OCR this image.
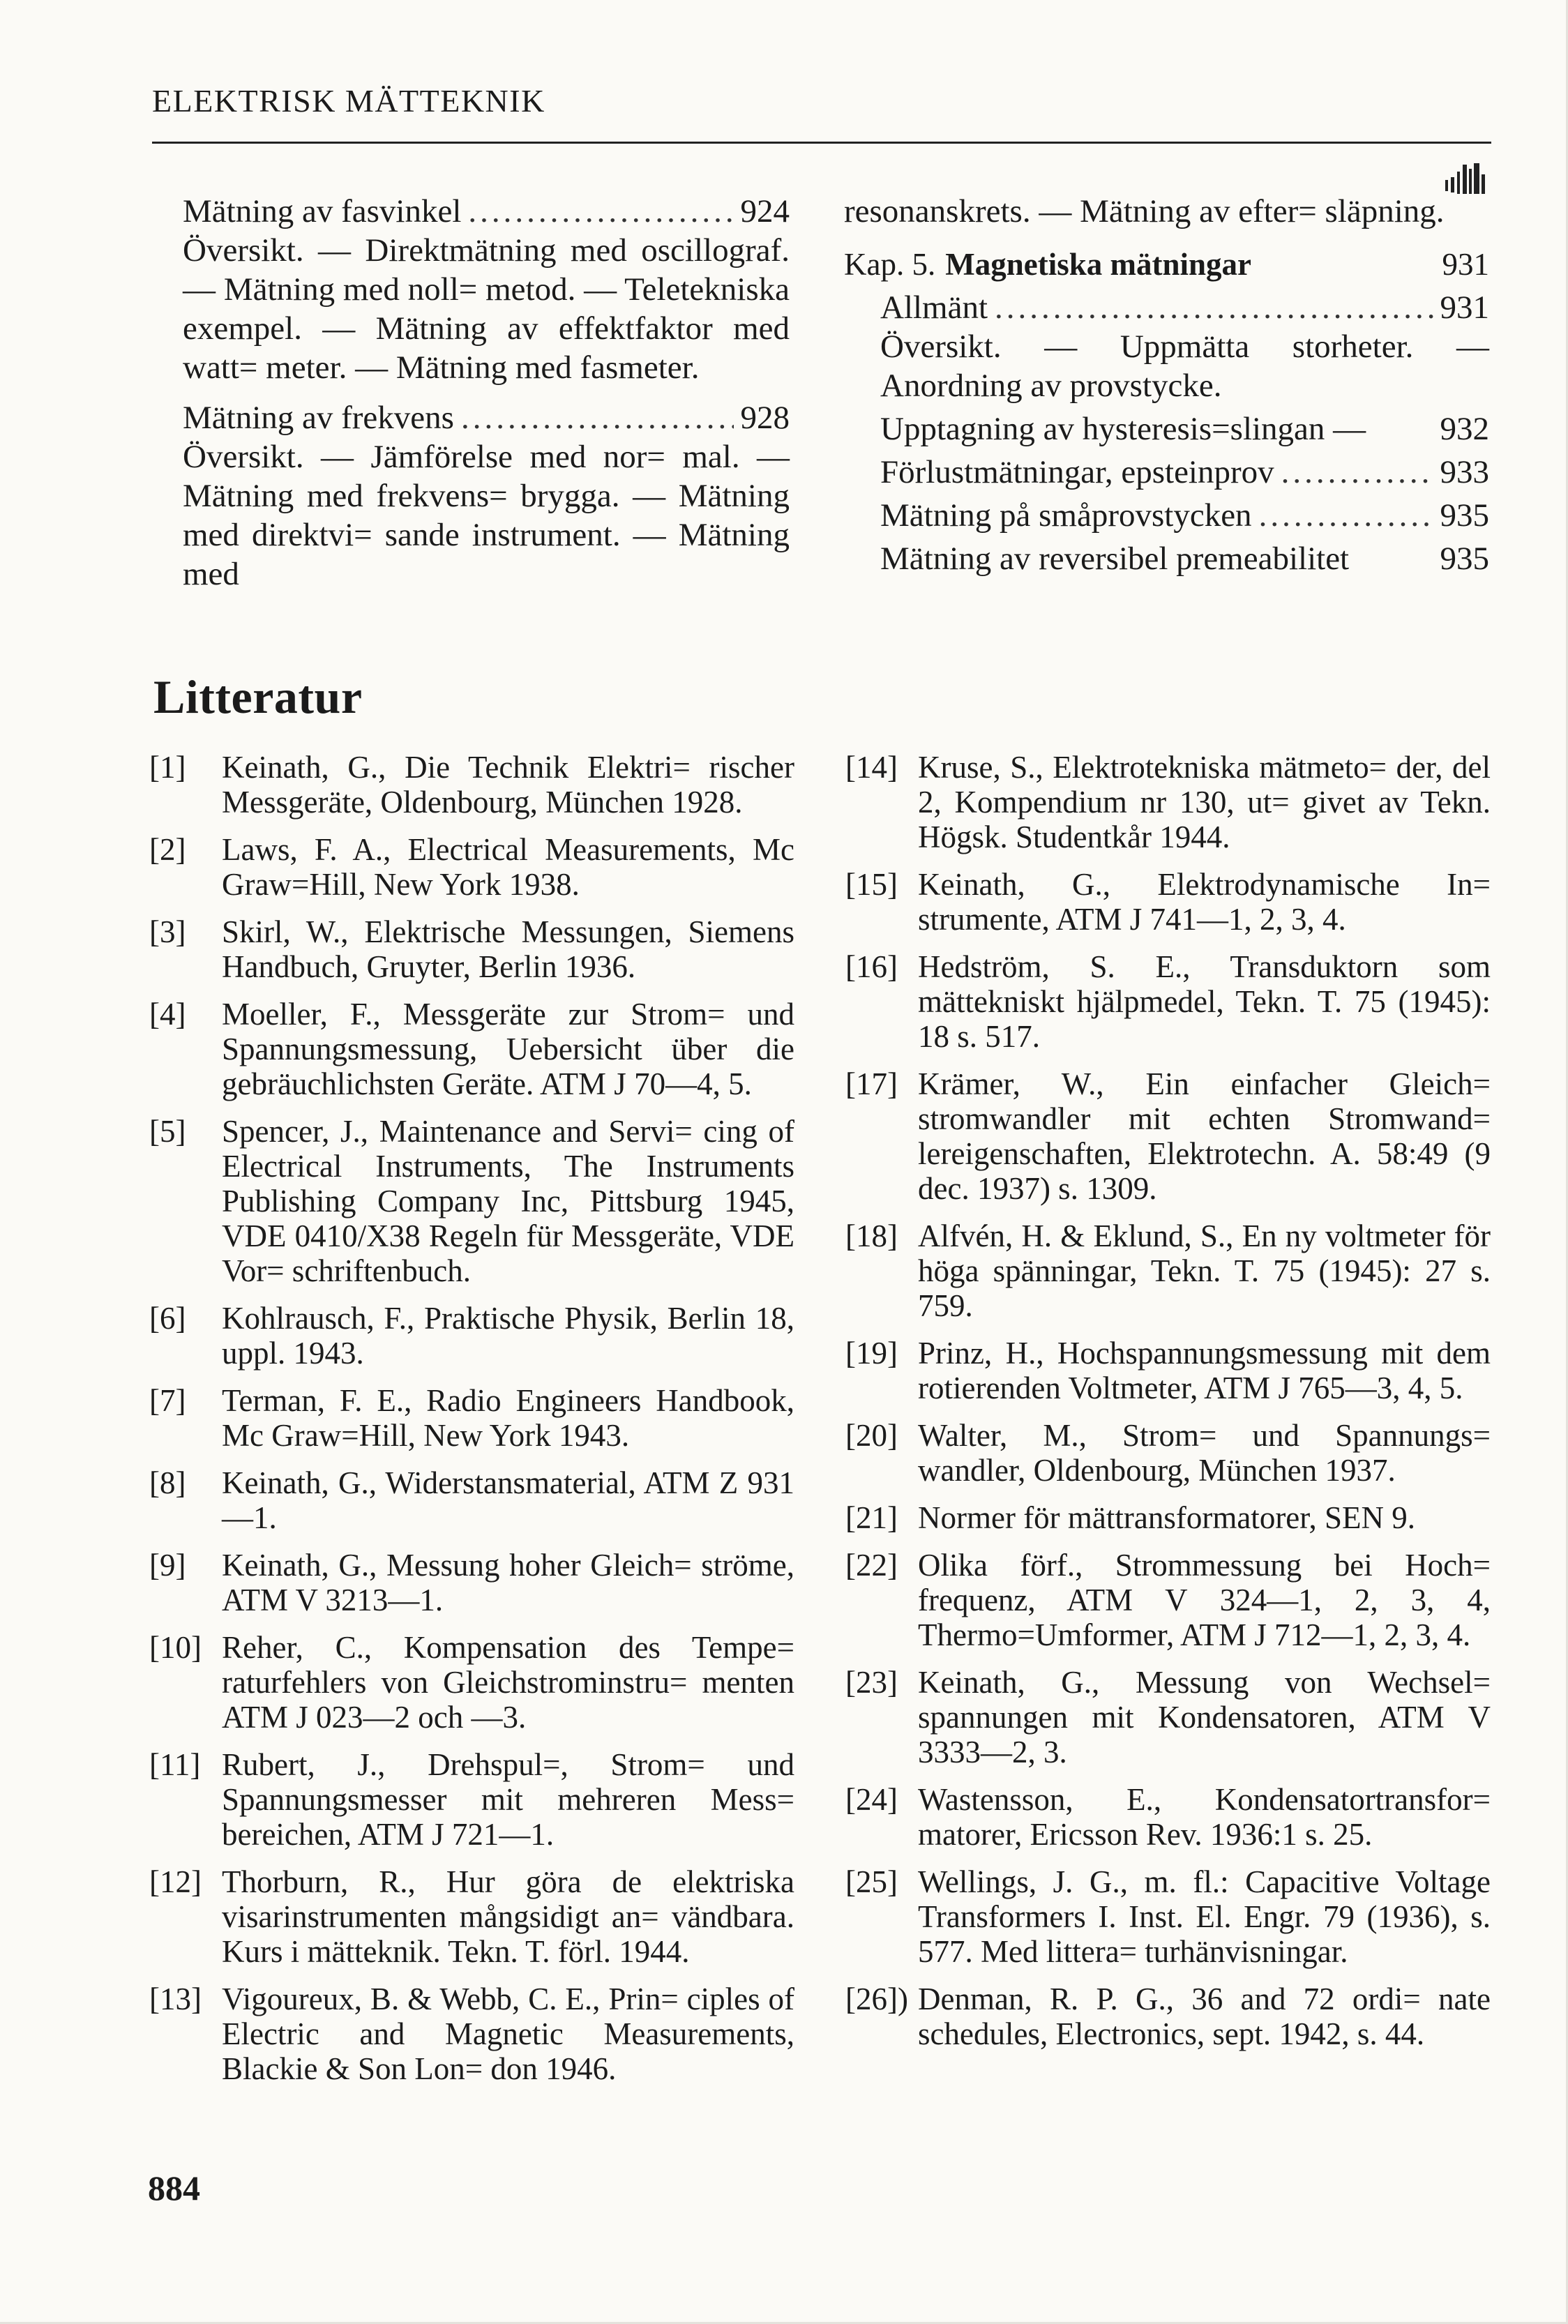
ELEKTRISK MÄTTEKNIK
Mätning av fasvinkel .....	924
Översikt. — Direktmätning med oscillograf. — Mätning med noll= metod. — Teletekniska exempel. — Mätning av effektfaktor med watt= meter. — Mätning med fasmeter.
Mätning av frekvens .....	928
Översikt. — Jämförelse med nor= mal. — Mätning med frekvens= brygga. — Mätning med direktvi= sande instrument. — Mätning med
resonanskrets. — Mätning av efter= släpning.
Kap. 5. Magnetiska mätningar	931
Allmänt .....	931
Översikt. — Uppmätta storheter. — Anordning av provstycke.
Upptagning av hysteresis=slingan — 932
Förlustmätningar, epsteinprov .....	933
Mätning på småprovstycken .....	935
Mätning av reversibel premeabilitet	935
Litteratur
[1]	Keinath, G., Die Technik Elektri= rischer Messgeräte, Oldenbourg, München 1928.
[2]	Laws, F. A., Electrical Measurements, Mc Graw=Hill, New York 1938.
[3]	Skirl, W., Elektrische Messungen, Siemens Handbuch, Gruyter, Berlin 1936.
[4]	Moeller, F., Messgeräte zur Strom= und Spannungsmessung, Uebersicht über die gebräuchlichsten Geräte. ATM J 70—4, 5.
[5]	Spencer, J., Maintenance and Servi= cing of Electrical Instruments, The Instruments Publishing Company Inc, Pittsburg 1945, VDE 0410/X38 Regeln für Messgeräte, VDE Vor= schriftenbuch.
[6]	Kohlrausch, F., Praktische Physik, Berlin 18, uppl. 1943.
[7]	Terman, F. E., Radio Engineers Handbook, Mc Graw=Hill, New York 1943.
[8]	Keinath, G., Widerstansmaterial, ATM Z 931—1.
[9]	Keinath, G., Messung hoher Gleich= ströme, ATM V 3213—1.
[10] Reher, C., Kompensation des Tempe= raturfehlers von Gleichstrominstru= menten ATM J 023—2 och —3.
[11] Rubert, J., Drehspul=, Strom= und Spannungsmesser mit mehreren Mess= bereichen, ATM J 721—1.
[12] Thorburn, R., Hur göra de elektriska visarinstrumenten mångsidigt an= vändbara. Kurs i mätteknik. Tekn. T. förl. 1944.
[13] Vigoureux, B. & Webb, C. E., Prin= ciples of Electric and Magnetic Measurements, Blackie & Son Lon= don 1946.
[14] Kruse, S., Elektrotekniska mätmeto= der, del 2, Kompendium nr 130, ut= givet av Tekn. Högsk. Studentkår 1944.
[15] Keinath, G., Elektrodynamische In= strumente, ATM J 741—1, 2, 3, 4.
[16] Hedström, S. E., Transduktorn som mättekniskt hjälpmedel, Tekn. T. 75 (1945): 18 s. 517.
[17] Krämer, W., Ein einfacher Gleich= stromwandler mit echten Stromwand= lereigenschaften, Elektrotechn. A. 58:49 (9 dec. 1937) s. 1309.
[18] Alfvén, H. & Eklund, S., En ny voltmeter för höga spänningar, Tekn. T. 75 (1945): 27 s. 759.
[19] Prinz, H., Hochspannungsmessung mit dem rotierenden Voltmeter, ATM J 765—3, 4, 5.
[20] Walter, M., Strom= und Spannungs= wandler, Oldenbourg, München 1937.
[21] Normer för mättransformatorer, SEN 9.
[22] Olika förf., Strommessung bei Hoch= frequenz, ATM V 324—1, 2, 3, 4, Thermo=Umformer, ATM J 712—1, 2, 3, 4.
[23] Keinath, G., Messung von Wechsel= spannungen mit Kondensatoren, ATM V 3333—2, 3.
[24] Wastensson, E., Kondensatortransfor= matorer, Ericsson Rev. 1936:1 s. 25.
[25] Wellings, J. G., m. fl.: Capacitive Voltage Transformers I. Inst. El. Engr. 79 (1936), s. 577. Med littera= turhänvisningar.
[26]) Denman, R. P. G., 36 and 72 ordi= nate schedules, Electronics, sept. 1942, s. 44.
884
